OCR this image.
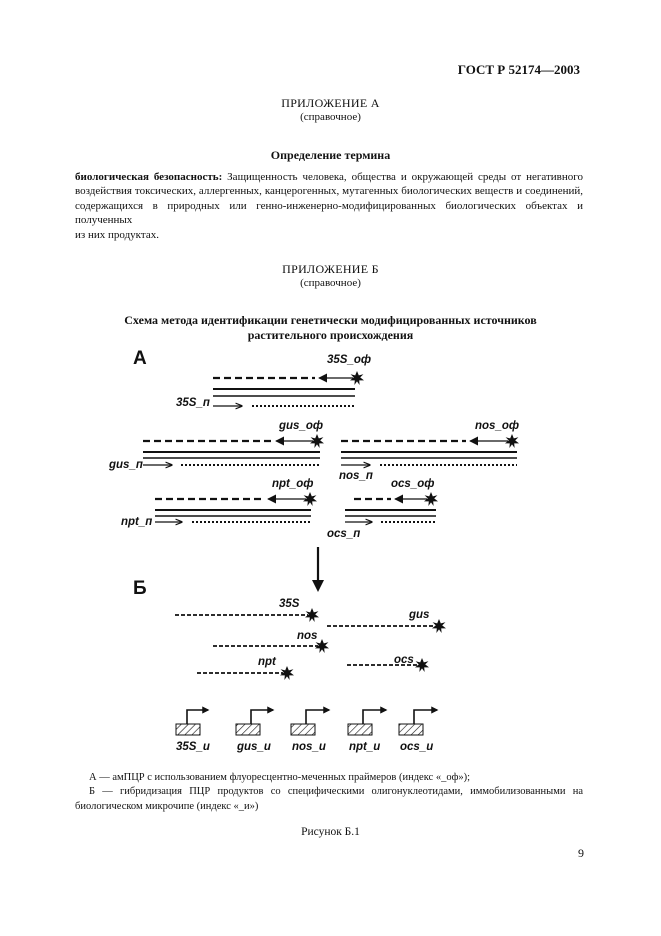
ГОСТ Р 52174—2003
ПРИЛОЖЕНИЕ А
(справочное)
Определение термина
биологическая безопасность: Защищенность человека, общества и окружающей среды от негативного
воздействия токсических, аллергенных, канцерогенных, мутагенных биологических веществ и соединений,
содержащихся в природных или генно-инженерно-модифицированных биологических объектах и полученных
из них продуктах.
ПРИЛОЖЕНИЕ Б
(справочное)
Схема метода идентификации генетически модифицированных источников
растительного происхождения
А
Б
35S_оф
35S_п
gus_оф
gus_п
nos_оф
nos_п
npt_оф
npt_п
ocs_оф
ocs_п
35S
gus
nos
npt	ocs
35S_и gus_и nos_и npt_и ocs_и
А — амПЦР с использованием флуоресцентно-меченных праймеров (индекс «_оф»);
Б — гибридизация ПЦР продуктов со специфическими олигонуклеотидами, иммобилизованными на
биологическом микрочипе (индекс «_и»)
Рисунок Б.1
9
